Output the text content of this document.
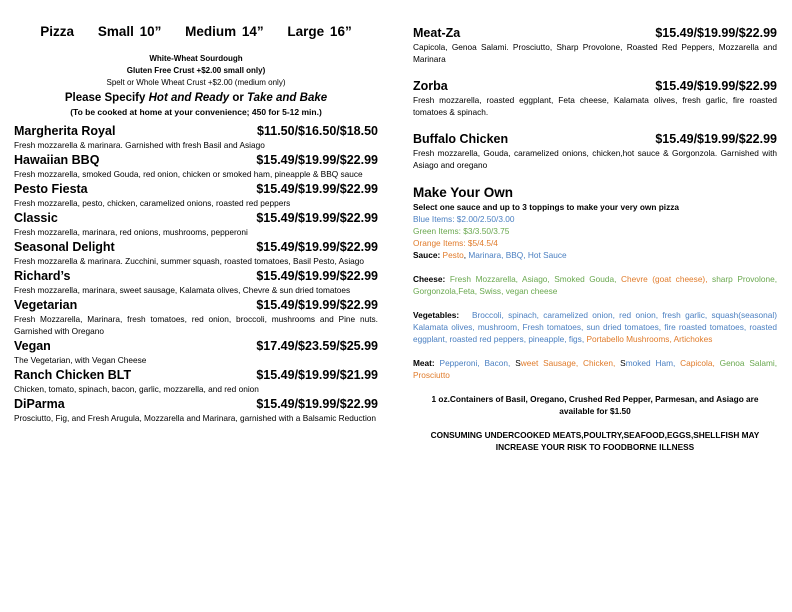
Pizza Small 10” Medium 14” Large 16”
White-Wheat Sourdough
Gluten Free Crust +$2.00 small only)
Spelt or Whole Wheat Crust +$2.00 (medium only)
Please Specify Hot and Ready or Take and Bake
(To be cooked at home at your convenience; 450 for 5-12 min.)
Margherita Royal	$11.50/$16.50/$18.50
Fresh mozzarella & marinara. Garnished with fresh Basil and Asiago
Hawaiian BBQ	$15.49/$19.99/$22.99
Fresh mozzarella, smoked Gouda, red onion, chicken or smoked ham, pineapple & BBQ sauce
Pesto Fiesta	$15.49/$19.99/$22.99
Fresh mozzarella, pesto, chicken, caramelized onions, roasted red peppers
Classic	$15.49/$19.99/$22.99
Fresh mozzarella, marinara, red onions, mushrooms, pepperoni
Seasonal Delight	$15.49/$19.99/$22.99
Fresh mozzarella & marinara. Zucchini, summer squash, roasted tomatoes, Basil Pesto, Asiago
Richard’s	$15.49/$19.99/$22.99
Fresh mozzarella, marinara, sweet sausage, Kalamata olives, Chevre & sun dried tomatoes
Vegetarian	$15.49/$19.99/$22.99
Fresh Mozzarella, Marinara, fresh tomatoes, red onion, broccoli, mushrooms and Pine nuts. Garnished with Oregano
Vegan	$17.49/$23.59/$25.99
The Vegetarian, with Vegan Cheese
Ranch Chicken BLT	$15.49/$19.99/$21.99
Chicken, tomato, spinach, bacon, garlic, mozzarella, and red onion
DiParma	$15.49/$19.99/$22.99
Prosciutto, Fig, and Fresh Arugula, Mozzarella and Marinara, garnished with a Balsamic Reduction
Meat-Za	$15.49/$19.99/$22.99
Capicola, Genoa Salami. Prosciutto, Sharp Provolone, Roasted Red Peppers, Mozzarella and Marinara
Zorba	$15.49/$19.99/$22.99
Fresh mozzarella, roasted eggplant, Feta cheese, Kalamata olives, fresh garlic, fire roasted tomatoes & spinach.
Buffalo Chicken	$15.49/$19.99/$22.99
Fresh mozzarella, Gouda, caramelized onions, chicken,hot sauce & Gorgonzola. Garnished with Asiago and oregano
Make Your Own
Select one sauce and up to 3 toppings to make your very own pizza
Blue Items: $2.00/2.50/3.00
Green Items: $3/3.50/3.75
Orange Items: $5/4.5/4
Sauce: Pesto, Marinara, BBQ, Hot Sauce
Cheese: Fresh Mozzarella, Asiago, Smoked Gouda, Chevre (goat cheese), sharp Provolone, Gorgonzola,Feta, Swiss, vegan cheese
Vegetables: Broccoli, spinach, caramelized onion, red onion, fresh garlic, squash(seasonal) Kalamata olives, mushroom, Fresh tomatoes, sun dried tomatoes, fire roasted tomatoes, roasted eggplant, roasted red peppers, pineapple, figs, Portabello Mushrooms, Artichokes
Meat: Pepperoni, Bacon, Sweet Sausage, Chicken, Smoked Ham, Capicola, Genoa Salami, Prosciutto
1 oz.Containers of Basil, Oregano, Crushed Red Pepper, Parmesan, and Asiago are available for $1.50
CONSUMING UNDERCOOKED MEATS,POULTRY,SEAFOOD,EGGS,SHELLFISH MAY INCREASE YOUR RISK TO FOODBORNE ILLNESS
